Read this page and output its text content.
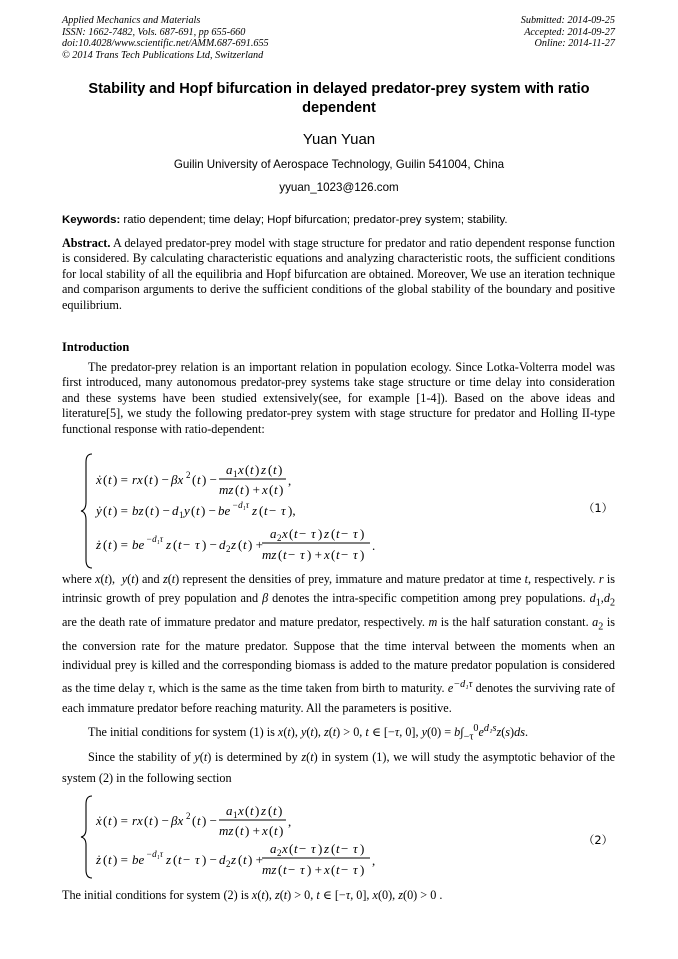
Applied Mechanics and Materials
ISSN: 1662-7482, Vols. 687-691, pp 655-660
doi:10.4028/www.scientific.net/AMM.687-691.655
© 2014 Trans Tech Publications Ltd, Switzerland
Submitted: 2014-09-25
Accepted: 2014-09-27
Online: 2014-11-27
Stability and Hopf bifurcation in delayed predator-prey system with ratio dependent
Yuan Yuan
Guilin University of Aerospace Technology, Guilin 541004, China
yyuan_1023@126.com
Keywords: ratio dependent; time delay; Hopf bifurcation; predator-prey system; stability.
Abstract. A delayed predator-prey model with stage structure for predator and ratio dependent response function is considered. By calculating characteristic equations and analyzing characteristic roots, the sufficient conditions for local stability of all the equilibria and Hopf bifurcation are obtained. Moreover, We use an iteration technique and comparison arguments to derive the sufficient conditions of the global stability of the boundary and positive equilibrium.
Introduction
The predator-prey relation is an important relation in population ecology. Since Lotka-Volterra model was first introduced, many autonomous predator-prey systems take stage structure or time delay into consideration and these systems have been studied extensively(see, for example [1-4]). Based on the above ideas and literature[5], we study the following predator-prey system with stage structure for predator and Holling II-type functional response with ratio-dependent:
ẋ ( t ) = rx ( t ) − βx 2 ( t ) −
a 1 x ( t ) z ( t )
mz ( t ) + x ( t )
,
ẏ ( t ) = bz ( t ) − d 1 y ( t ) − be −d₁τ z ( t − τ ),
ż ( t ) = be −d₁τ z ( t − τ ) − d 2 z ( t ) +
a 2 x ( t − τ ) z ( t − τ )
mz ( t − τ ) + x ( t − τ )
.
（1）
where x(t),  y(t) and z(t) represent the densities of prey, immature and mature predator at time t, respectively. r is intrinsic growth of prey population and β denotes the intra-specific competition among prey populations. $d_1,d_2$ are the death rate of immature predator and mature predator, respectively. m is the half saturation constant. $a_2$ is the conversion rate for the mature predator. Suppose that the time interval between the moments when an individual prey is killed and the corresponding biomass is added to the mature predator population is considered as the time delay τ, which is the same as the time taken from birth to maturity. $e^{-d_1\tau}$ denotes the surviving rate of each immature predator before reaching maturity. All the parameters is positive.
The initial conditions for system (1) is x(t), y(t), z(t) > 0, t ∈ [−τ, 0], $y(0) = b\int_{-\tau}^0e^{d_1s}z(s)ds$.
Since the stability of y(t) is determined by z(t) in system (1), we will study the asymptotic behavior of the system (2) in the following section
ẋ ( t ) = rx ( t ) − βx 2 ( t ) −
a 1 x ( t ) z ( t )
mz ( t ) + x ( t )
,
ż ( t ) = be −d₁τ z ( t − τ ) − d 2 z ( t ) +
a 2 x ( t − τ ) z ( t − τ )
mz ( t − τ ) + x ( t − τ )
,
（2）
The initial conditions for system (2) is x(t), z(t) > 0, t ∈ [−τ, 0], x(0), z(0) > 0 .
